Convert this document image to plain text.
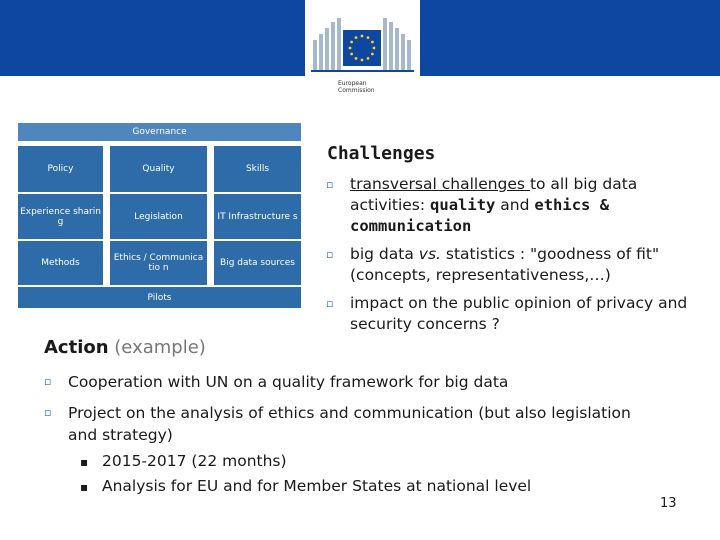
European
Commission
Governance
Policy	Quality	Skills
Experience sharing	Legislation	IT Infrastructure s
Methods	Ethics / Communicatio n	Big data sources
Pilots
Challenges
▫ transversal challenges to all big data activities: quality and ethics & communication
▫ big data vs. statistics : "goodness of fit" (concepts, representativeness,…)
▫ impact on the public opinion of privacy and security concerns ?
Action (example)
▫ Cooperation with UN on a quality framework for big data
▫ Project on the analysis of ethics and communication (but also legislation and strategy)
▪ 2015-2017 (22 months)
▪ Analysis for EU and for Member States at national level
13
